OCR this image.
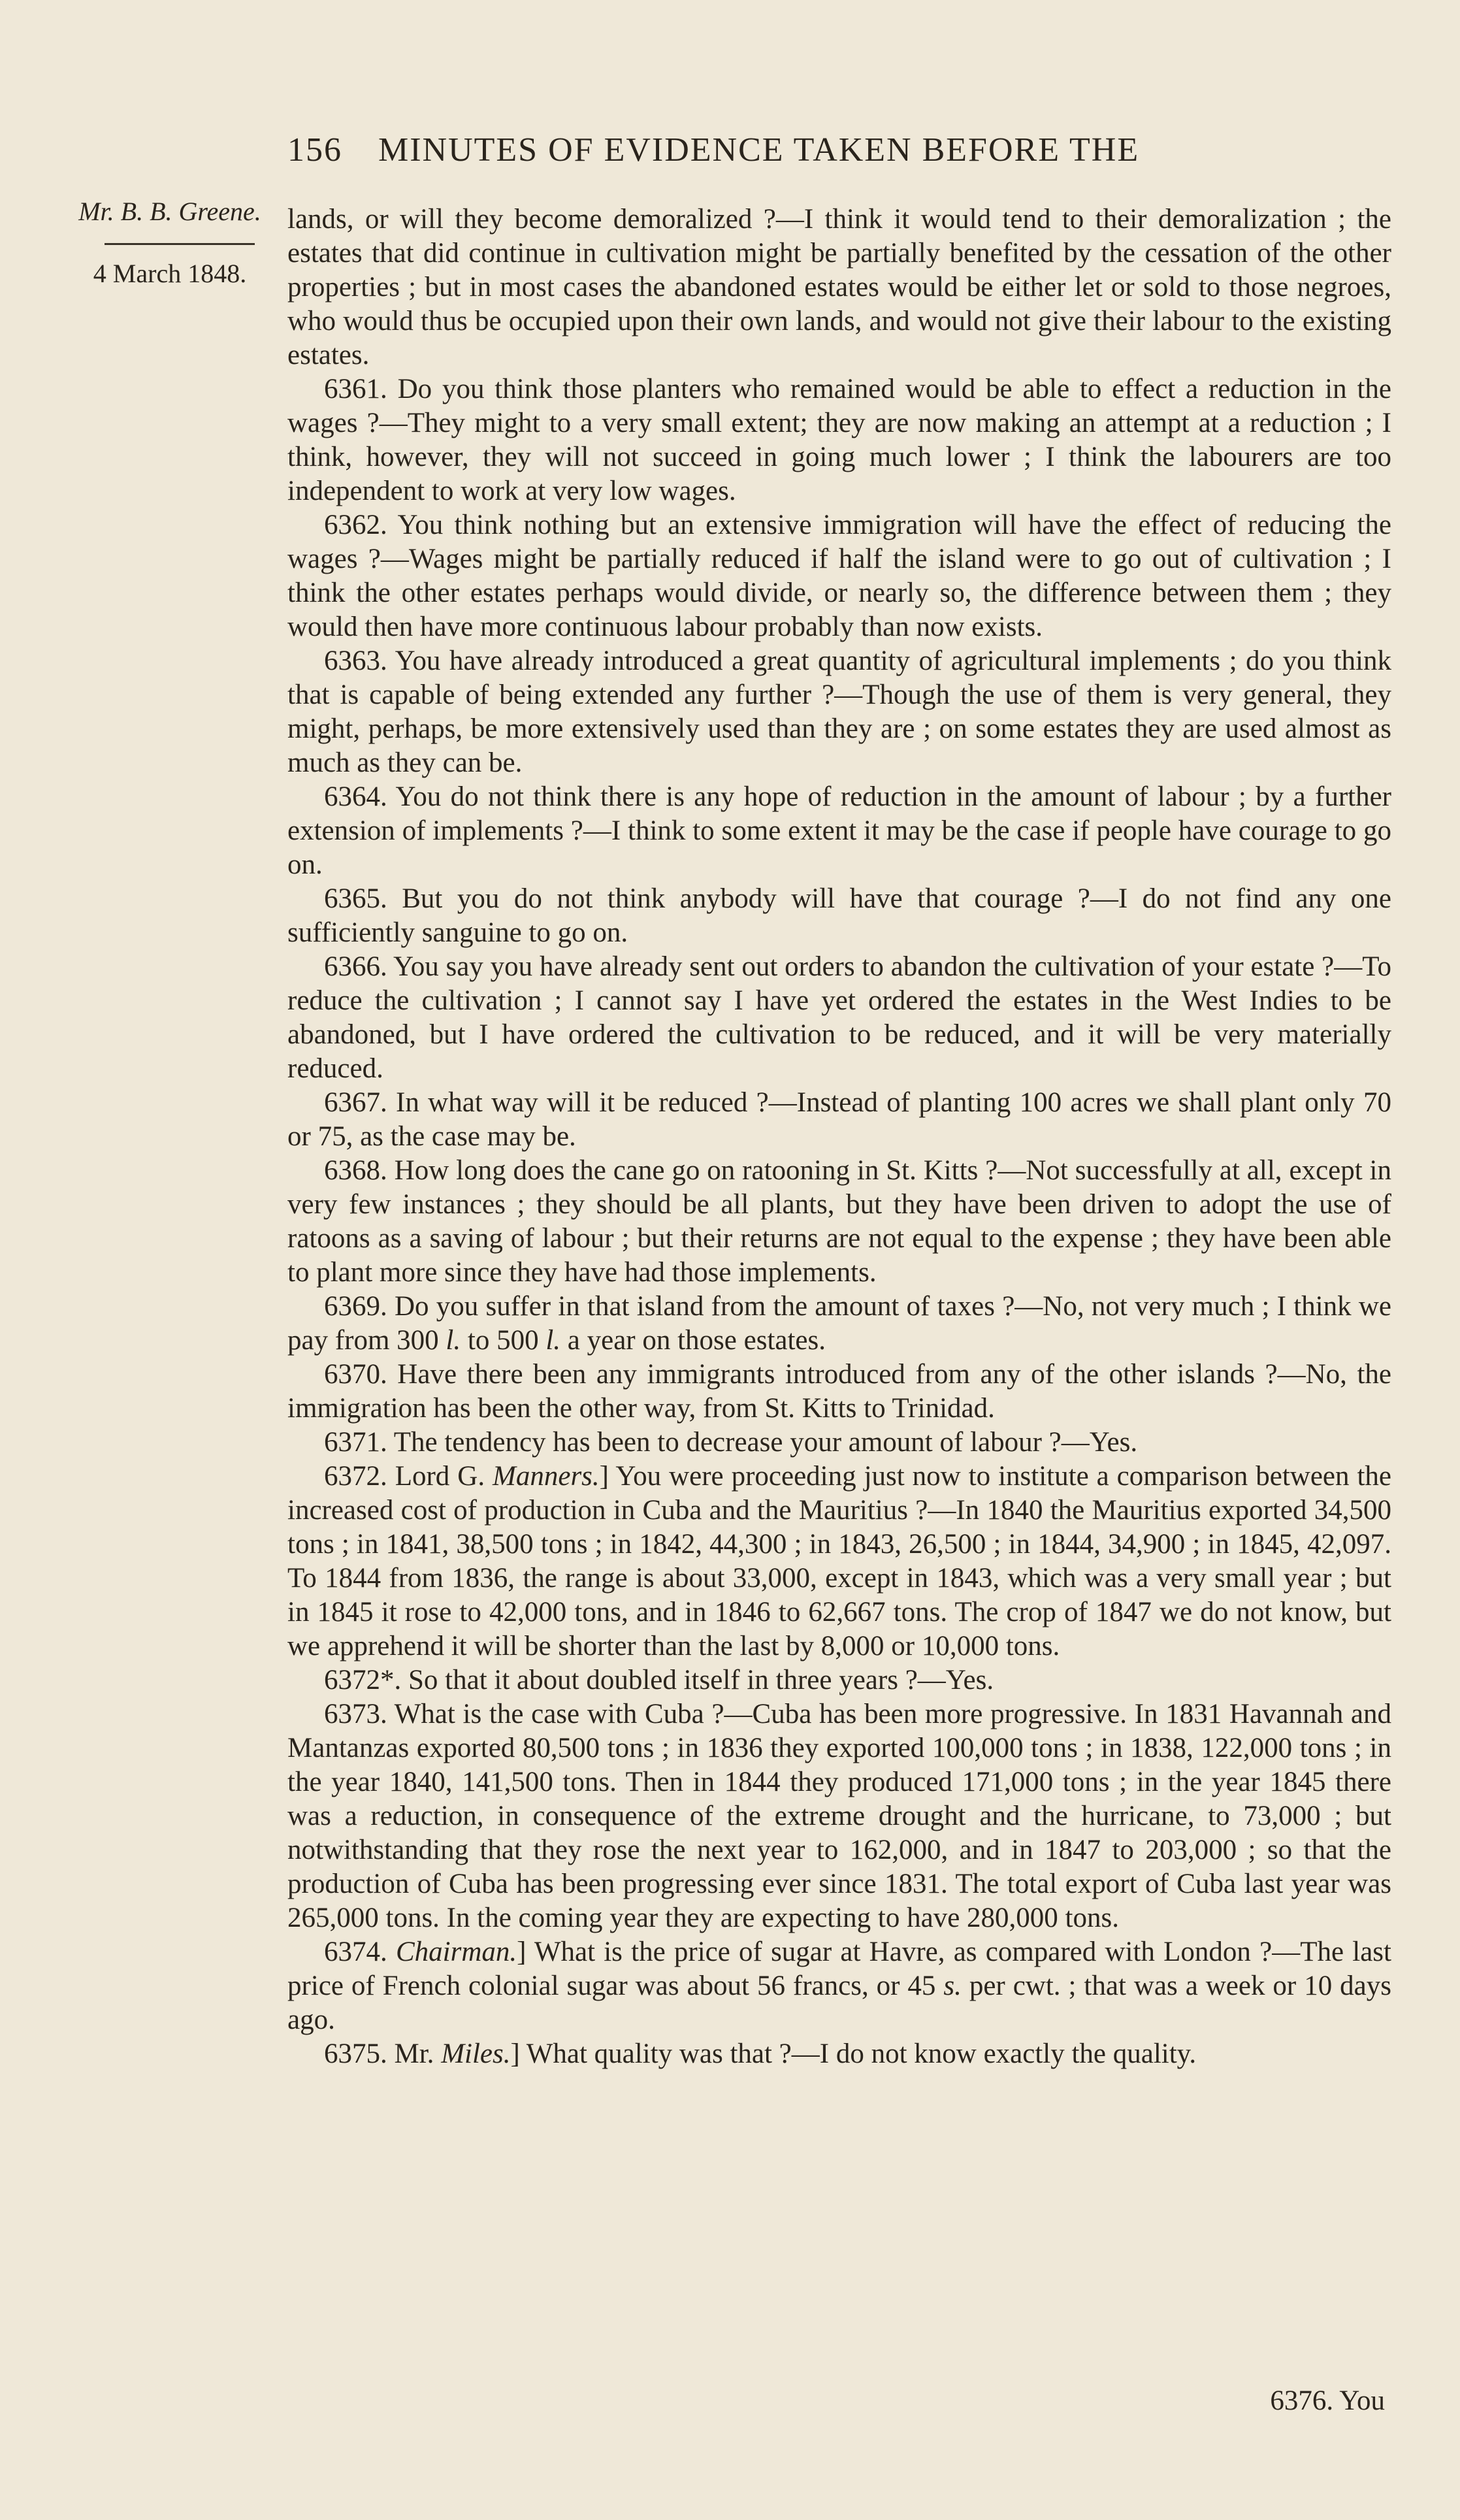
156 MINUTES OF EVIDENCE TAKEN BEFORE THE
Mr. B. B. Greene.
4 March 1848.

lands, or will they become demoralized ?—I think it would tend to their demoralization ; the estates that did continue in cultivation might be partially benefited by the cessation of the other properties ; but in most cases the abandoned estates would be either let or sold to those negroes, who would thus be occupied upon their own lands, and would not give their labour to the existing estates.

6361. Do you think those planters who remained would be able to effect a reduction in the wages ?—They might to a very small extent; they are now making an attempt at a reduction ; I think, however, they will not succeed in going much lower ; I think the labourers are too independent to work at very low wages.

6362. You think nothing but an extensive immigration will have the effect of reducing the wages ?—Wages might be partially reduced if half the island were to go out of cultivation ; I think the other estates perhaps would divide, or nearly so, the difference between them ; they would then have more continuous labour probably than now exists.

6363. You have already introduced a great quantity of agricultural implements ; do you think that is capable of being extended any further ?—Though the use of them is very general, they might, perhaps, be more extensively used than they are ; on some estates they are used almost as much as they can be.

6364. You do not think there is any hope of reduction in the amount of labour ; by a further extension of implements ?—I think to some extent it may be the case if people have courage to go on.

6365. But you do not think anybody will have that courage ?—I do not find any one sufficiently sanguine to go on.

6366. You say you have already sent out orders to abandon the cultivation of your estate ?—To reduce the cultivation ; I cannot say I have yet ordered the estates in the West Indies to be abandoned, but I have ordered the cultivation to be reduced, and it will be very materially reduced.

6367. In what way will it be reduced ?—Instead of planting 100 acres we shall plant only 70 or 75, as the case may be.

6368. How long does the cane go on ratooning in St. Kitts ?—Not successfully at all, except in very few instances ; they should be all plants, but they have been driven to adopt the use of ratoons as a saving of labour ; but their returns are not equal to the expense ; they have been able to plant more since they have had those implements.

6369. Do you suffer in that island from the amount of taxes ?—No, not very much ; I think we pay from 300 l. to 500 l. a year on those estates.

6370. Have there been any immigrants introduced from any of the other islands ?—No, the immigration has been the other way, from St. Kitts to Trinidad.

6371. The tendency has been to decrease your amount of labour ?—Yes.

6372. Lord G. Manners.] You were proceeding just now to institute a comparison between the increased cost of production in Cuba and the Mauritius ?—In 1840 the Mauritius exported 34,500 tons ; in 1841, 38,500 tons ; in 1842, 44,300 ; in 1843, 26,500 ; in 1844, 34,900 ; in 1845, 42,097. To 1844 from 1836, the range is about 33,000, except in 1843, which was a very small year ; but in 1845 it rose to 42,000 tons, and in 1846 to 62,667 tons. The crop of 1847 we do not know, but we apprehend it will be shorter than the last by 8,000 or 10,000 tons.

6372*. So that it about doubled itself in three years ?—Yes.

6373. What is the case with Cuba ?—Cuba has been more progressive. In 1831 Havannah and Mantanzas exported 80,500 tons ; in 1836 they exported 100,000 tons ; in 1838, 122,000 tons ; in the year 1840, 141,500 tons. Then in 1844 they produced 171,000 tons ; in the year 1845 there was a reduction, in consequence of the extreme drought and the hurricane, to 73,000 ; but notwithstanding that they rose the next year to 162,000, and in 1847 to 203,000 ; so that the production of Cuba has been progressing ever since 1831. The total export of Cuba last year was 265,000 tons. In the coming year they are expecting to have 280,000 tons.

6374. Chairman.] What is the price of sugar at Havre, as compared with London ?—The last price of French colonial sugar was about 56 francs, or 45 s. per cwt. ; that was a week or 10 days ago.

6375. Mr. Miles.] What quality was that ?—I do not know exactly the quality.

6376. You
